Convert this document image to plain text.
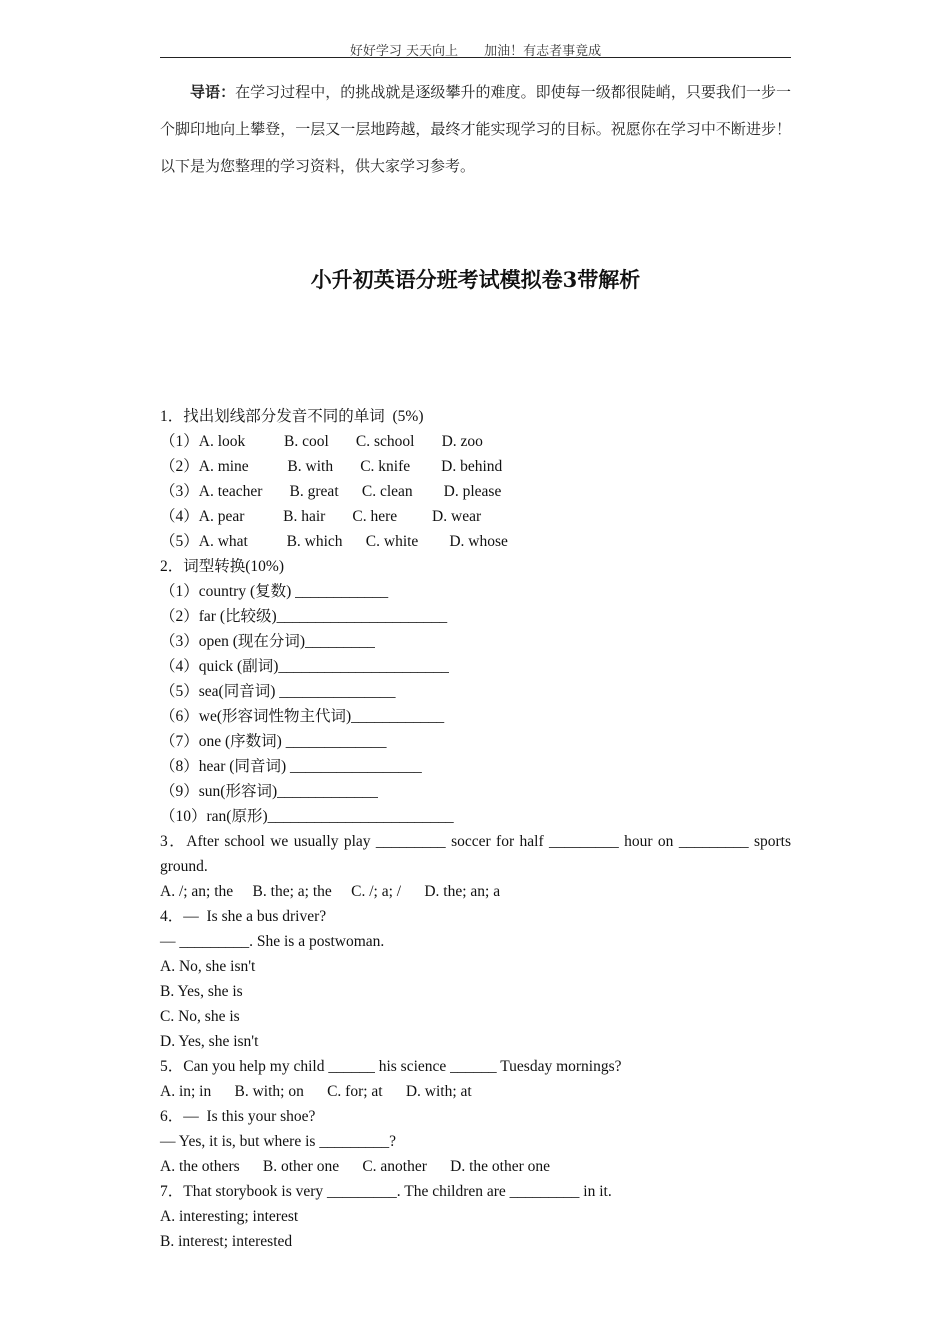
好好学习 天天向上 加油！有志者事竟成
导语：在学习过程中，的挑战就是逐级攀升的难度。即使每一级都很陡峭，只要我们一步一个脚印地向上攀登，一层又一层地跨越，最终才能实现学习的目标。祝愿你在学习中不断进步！以下是为您整理的学习资料，供大家学习参考。
小升初英语分班考试模拟卷3带解析
1．找出划线部分发音不同的单词  (5%)
（1）A. look          B. cool       C. school       D. zoo
（2）A. mine          B. with       C. knife        D. behind
（3）A. teacher       B. great      C. clean        D. please
（4）A. pear          B. hair       C. here         D. wear
（5）A. what          B. which      C. white        D. whose
2．词型转换(10%)
（1）country (复数) ____________
（2）far (比较级)______________________
（3）open (现在分词)_________
（4）quick (副词)______________________
（5）sea(同音词) _______________
（6）we(形容词性物主代词)____________
（7）one (序数词) _____________
（8）hear (同音词) _________________
（9）sun(形容词)_____________
（10）ran(原形)________________________
3．After school we usually play _________ soccer for half _________ hour on _________ sports ground.
A. /; an; the     B. the; a; the     C. /; a; /      D. the; an; a
4．—  Is she a bus driver?
— _________. She is a postwoman.
A. No, she isn't
B. Yes, she is
C. No, she is
D. Yes, she isn't
5．Can you help my child ______ his science ______ Tuesday mornings?
A. in; in      B. with; on      C. for; at      D. with; at
6．—  Is this your shoe?
— Yes, it is, but where is _________?
A. the others      B. other one      C. another      D. the other one
7．That storybook is very _________. The children are _________ in it.
A. interesting; interest
B. interest; interested
